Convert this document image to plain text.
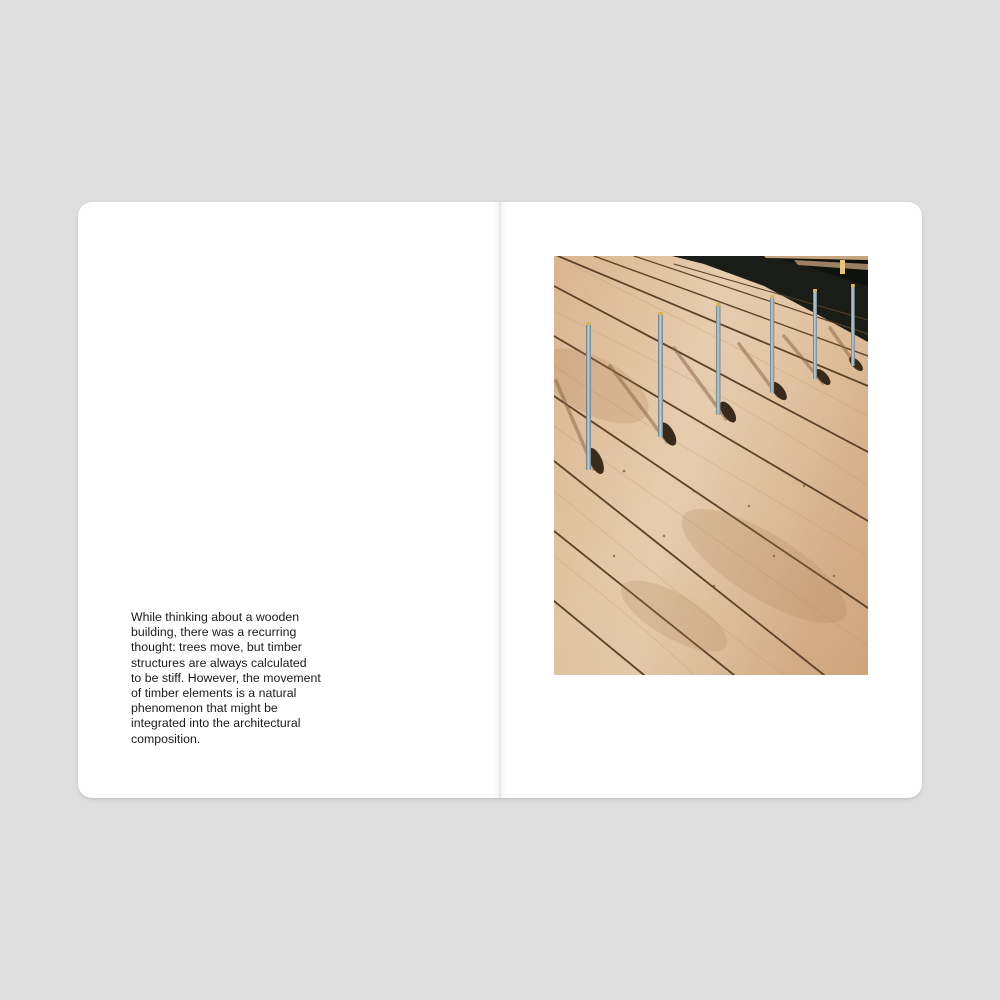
While thinking about a wooden
building, there was a recurring
thought: trees move, but timber
structures are always calculated
to be stiff. However, the movement
of timber elements is a natural
phenomenon that might be
integrated into the architectural
composition.
